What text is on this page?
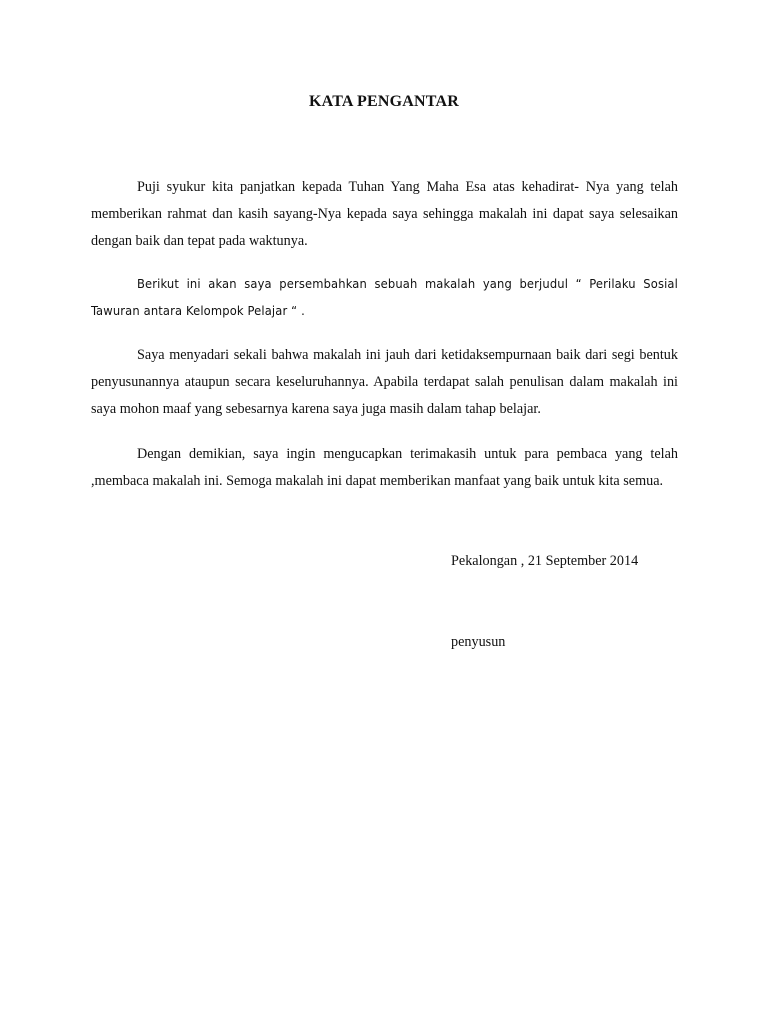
KATA PENGANTAR
Puji syukur kita panjatkan kepada Tuhan Yang Maha Esa atas kehadirat- Nya yang telah memberikan rahmat dan kasih sayang-Nya kepada saya sehingga makalah ini dapat saya selesaikan dengan baik dan tepat pada waktunya.
Berikut ini akan saya persembahkan sebuah makalah yang berjudul “ Perilaku Sosial Tawuran antara Kelompok Pelajar “ .
Saya menyadari sekali bahwa makalah ini jauh dari ketidaksempurnaan baik dari segi bentuk penyusunannya ataupun secara keseluruhannya. Apabila terdapat salah penulisan dalam makalah ini saya mohon maaf yang sebesarnya karena saya juga masih dalam tahap belajar.
Dengan demikian, saya ingin mengucapkan terimakasih untuk para pembaca yang telah ,membaca makalah ini. Semoga makalah ini dapat memberikan manfaat yang baik untuk kita semua.
Pekalongan , 21 September 2014
penyusun
